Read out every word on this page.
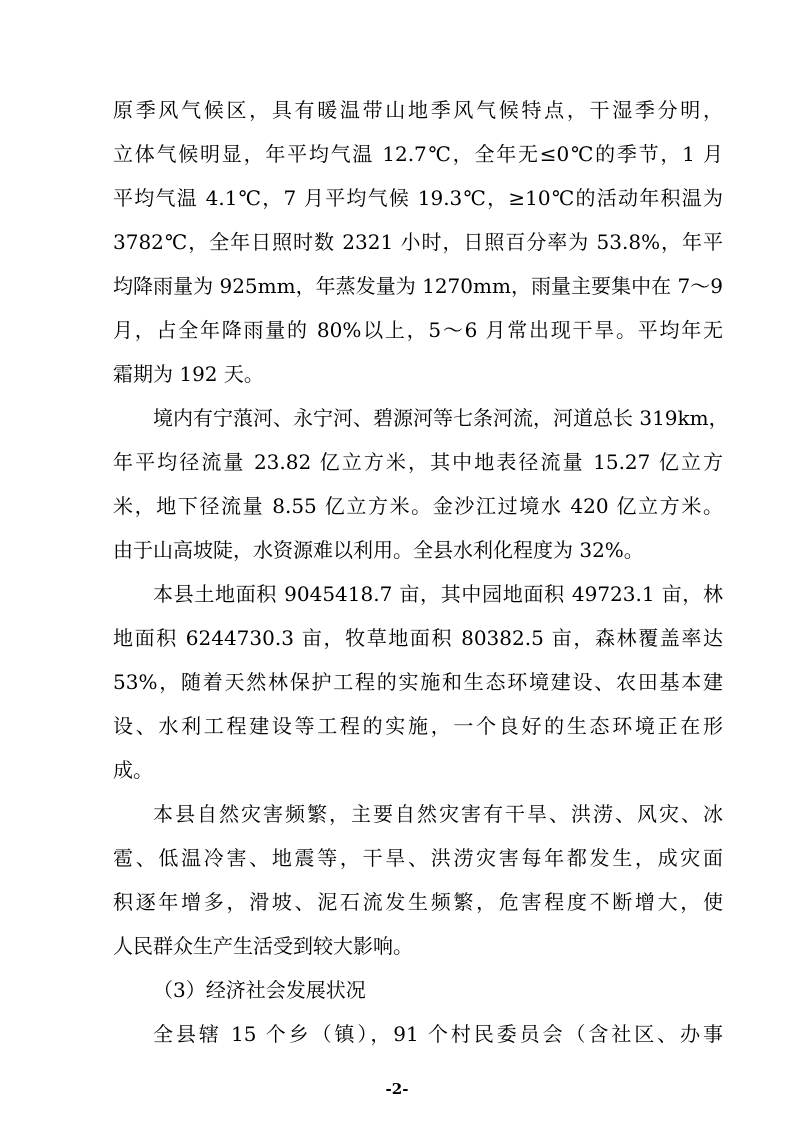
原季风气候区，具有暖温带山地季风气候特点，干湿季分明，
立体气候明显，年平均气温 12.7℃，全年无≤0℃的季节，1 月
平均气温 4.1℃，7 月平均气候 19.3℃，≥10℃的活动年积温为
3782℃，全年日照时数 2321 小时，日照百分率为 53.8%，年平
均降雨量为 925mm，年蒸发量为 1270mm，雨量主要集中在 7～9
月，占全年降雨量的 80%以上，5～6 月常出现干旱。平均年无
霜期为 192 天。
境内有宁蒗河、永宁河、碧源河等七条河流，河道总长 319km，
年平均径流量 23.82 亿立方米，其中地表径流量 15.27 亿立方
米，地下径流量 8.55 亿立方米。金沙江过境水 420 亿立方米。
由于山高坡陡，水资源难以利用。全县水利化程度为 32%。
本县土地面积 9045418.7 亩，其中园地面积 49723.1 亩，林
地面积 6244730.3 亩，牧草地面积 80382.5 亩，森林覆盖率达
53%，随着天然林保护工程的实施和生态环境建设、农田基本建
设、水利工程建设等工程的实施，一个良好的生态环境正在形
成。
本县自然灾害频繁，主要自然灾害有干旱、洪涝、风灾、冰
雹、低温冷害、地震等，干旱、洪涝灾害每年都发生，成灾面
积逐年增多，滑坡、泥石流发生频繁，危害程度不断增大，使
人民群众生产生活受到较大影响。
（3）经济社会发展状况
-2-
全县辖 15 个乡（镇），91 个村民委员会（含社区、办事
